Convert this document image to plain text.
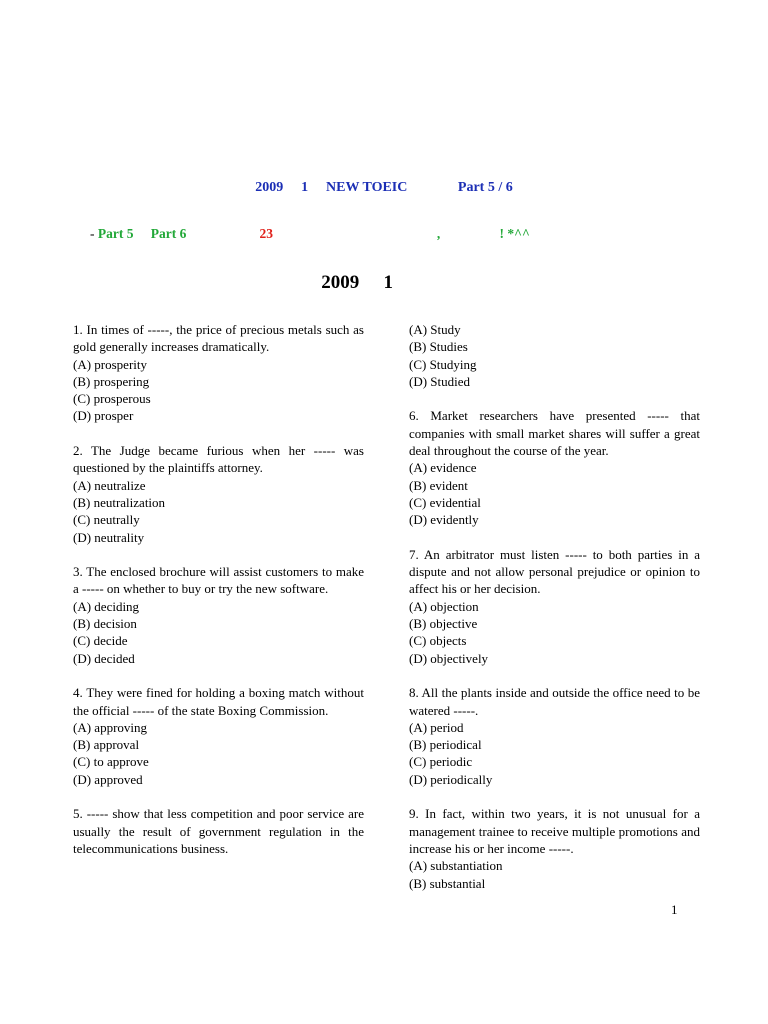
2009   1   NEW TOEIC      Part 5 / 6
- Part 5   Part 6         23                   ,       ! *^^
2009   1     

1. In times of -----, the price of precious metals such as gold generally increases dramatically.

(A) prosperity
(B) prospering
(C) prosperous
(D) prosper

2. The Judge became furious when her ----- was questioned by the plaintiffs attorney.

(A) neutralize
(B) neutralization
(C) neutrally
(D) neutrality

3. The enclosed brochure will assist customers to make a ----- on whether to buy or try the new software.

(A) deciding
(B) decision
(C) decide
(D) decided

4. They were fined for holding a boxing match without the official ----- of the state Boxing Commission.

(A) approving
(B) approval
(C) to approve
(D) approved

5. ----- show that less competition and poor service are usually the result of government regulation in the telecommunications business.

(A) Study
(B) Studies
(C) Studying
(D) Studied

6. Market researchers have presented ----- that companies with small market shares will suffer a great deal throughout the course of the year.

(A) evidence
(B) evident
(C) evidential
(D) evidently

7. An arbitrator must listen ----- to both parties in a dispute and not allow personal prejudice or opinion to affect his or her decision.

(A) objection
(B) objective
(C) objects
(D) objectively

8. All the plants inside and outside the office need to be watered -----.

(A) period
(B) periodical
(C) periodic
(D) periodically

9. In fact, within two years, it is not unusual for a management trainee to receive multiple promotions and increase his or her income -----.

(A) substantiation
(B) substantial
1
